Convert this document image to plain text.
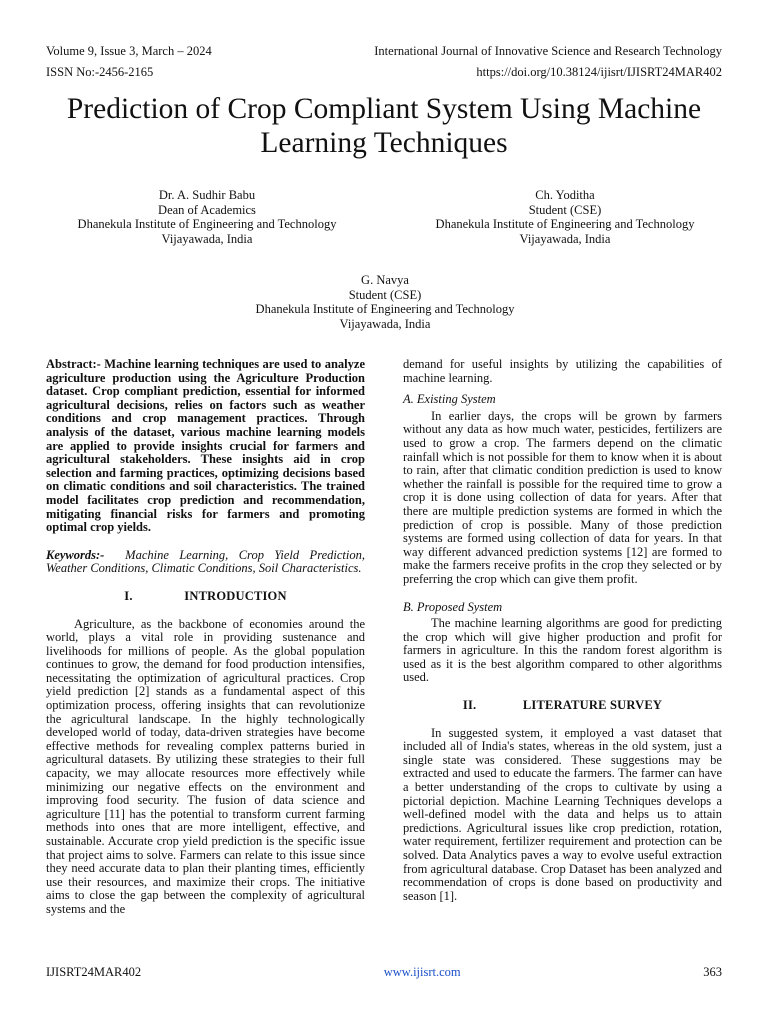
Volume 9, Issue 3, March – 2024	International Journal of Innovative Science and Research Technology
ISSN No:-2456-2165	https://doi.org/10.38124/ijisrt/IJISRT24MAR402
Prediction of Crop Compliant System Using Machine Learning Techniques
Dr. A. Sudhir Babu
Dean of Academics
Dhanekula Institute of Engineering and Technology
Vijayawada, India
Ch. Yoditha
Student (CSE)
Dhanekula Institute of Engineering and Technology
Vijayawada, India
G. Navya
Student (CSE)
Dhanekula Institute of Engineering and Technology
Vijayawada, India

Abstract:- Machine learning techniques are used to analyze agriculture production using the Agriculture Production dataset. Crop compliant prediction, essential for informed agricultural decisions, relies on factors such as weather conditions and crop management practices. Through analysis of the dataset, various machine learning models are applied to provide insights crucial for farmers and agricultural stakeholders. These insights aid in crop selection and farming practices, optimizing decisions based on climatic conditions and soil characteristics. The trained model facilitates crop prediction and recommendation, mitigating financial risks for farmers and promoting optimal crop yields.

Keywords:- Machine Learning, Crop Yield Prediction, Weather Conditions, Climatic Conditions, Soil Characteristics.

I.	INTRODUCTION

Agriculture, as the backbone of economies around the world, plays a vital role in providing sustenance and livelihoods for millions of people. As the global population continues to grow, the demand for food production intensifies, necessitating the optimization of agricultural practices. Crop yield prediction [2] stands as a fundamental aspect of this optimization process, offering insights that can revolutionize the agricultural landscape. In the highly technologically developed world of today, data-driven strategies have become effective methods for revealing complex patterns buried in agricultural datasets. By utilizing these strategies to their full capacity, we may allocate resources more effectively while minimizing our negative effects on the environment and improving food security. The fusion of data science and agriculture [11] has the potential to transform current farming methods into ones that are more intelligent, effective, and sustainable. Accurate crop yield prediction is the specific issue that project aims to solve. Farmers can relate to this issue since they need accurate data to plan their planting times, efficiently use their resources, and maximize their crops. The initiative aims to close the gap between the complexity of agricultural systems and the

demand for useful insights by utilizing the capabilities of machine learning.

A. Existing System

In earlier days, the crops will be grown by farmers without any data as how much water, pesticides, fertilizers are used to grow a crop. The farmers depend on the climatic rainfall which is not possible for them to know when it is about to rain, after that climatic condition prediction is used to know whether the rainfall is possible for the required time to grow a crop it is done using collection of data for years. After that there are multiple prediction systems are formed in which the prediction of crop is possible. Many of those prediction systems are formed using collection of data for years. In that way different advanced prediction systems [12] are formed to make the farmers receive profits in the crop they selected or by preferring the crop which can give them profit.

B. Proposed System

The machine learning algorithms are good for predicting the crop which will give higher production and profit for farmers in agriculture. In this the random forest algorithm is used as it is the best algorithm compared to other algorithms used.

II.	LITERATURE SURVEY

In suggested system, it employed a vast dataset that included all of India's states, whereas in the old system, just a single state was considered. These suggestions may be extracted and used to educate the farmers. The farmer can have a better understanding of the crops to cultivate by using a pictorial depiction. Machine Learning Techniques develops a well-defined model with the data and helps us to attain predictions. Agricultural issues like crop prediction, rotation, water requirement, fertilizer requirement and protection can be solved. Data Analytics paves a way to evolve useful extraction from agricultural database. Crop Dataset has been analyzed and recommendation of crops is done based on productivity and season [1].

IJISRT24MAR402	www.ijisrt.com	363
